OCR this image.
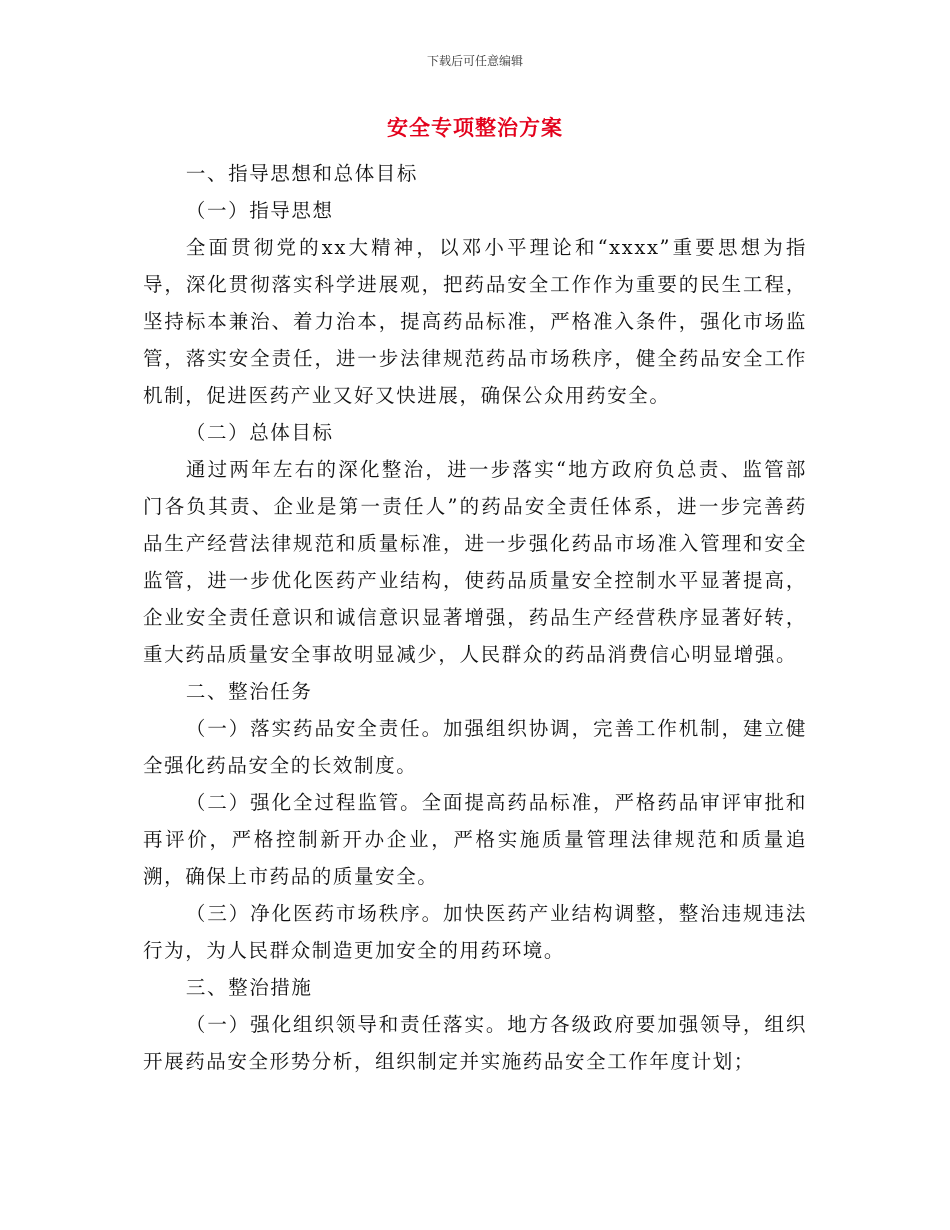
下载后可任意编辑
安全专项整治方案

一、指导思想和总体目标

（一）指导思想

全面贯彻党的xx大精神，以邓小平理论和“xxxx”重要思想为指导，深化贯彻落实科学进展观，把药品安全工作作为重要的民生工程，坚持标本兼治、着力治本，提高药品标准，严格准入条件，强化市场监管，落实安全责任，进一步法律规范药品市场秩序，健全药品安全工作机制，促进医药产业又好又快进展，确保公众用药安全。

（二）总体目标

通过两年左右的深化整治，进一步落实“地方政府负总责、监管部门各负其责、企业是第一责任人”的药品安全责任体系，进一步完善药品生产经营法律规范和质量标准，进一步强化药品市场准入管理和安全监管，进一步优化医药产业结构，使药品质量安全控制水平显著提高，企业安全责任意识和诚信意识显著增强，药品生产经营秩序显著好转，重大药品质量安全事故明显减少，人民群众的药品消费信心明显增强。

二、整治任务

（一）落实药品安全责任。加强组织协调，完善工作机制，建立健全强化药品安全的长效制度。

（二）强化全过程监管。全面提高药品标准，严格药品审评审批和再评价，严格控制新开办企业，严格实施质量管理法律规范和质量追溯，确保上市药品的质量安全。

（三）净化医药市场秩序。加快医药产业结构调整，整治违规违法行为，为人民群众制造更加安全的用药环境。

三、整治措施

（一）强化组织领导和责任落实。地方各级政府要加强领导，组织开展药品安全形势分析，组织制定并实施药品安全工作年度计划；
